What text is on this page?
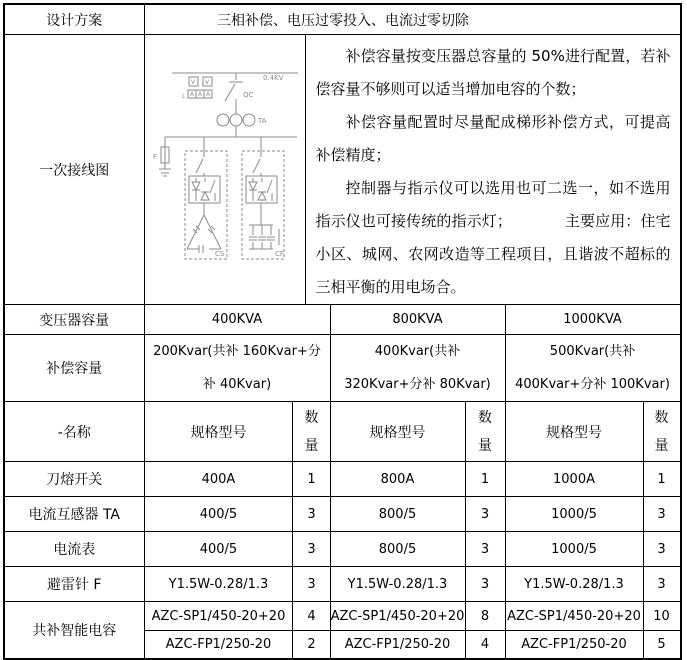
设计方案	三相补偿、电压过零投入、电流过零切除						
一次接线图	
0.4KV
QC
TA
F
CS	CF
L
V V
A A A

补偿容量按变压器总容量的 50%进行配置，若补偿容量不够则可以适当增加电容的个数；

补偿容量配置时尽量配成梯形补偿方式，可提高补偿精度；

控制器与指示仪可以选用也可二选一，如不选用指示仪也可接传统的指示灯；　　　　主要应用：住宅小区、城网、农网改造等工程项目，且谐波不超标的三相平衡的用电场合。

变压器容量	400KVA			800KVA		1000KVA	
补偿容量	200Kvar(共补 160Kvar+分补 40Kvar)			400Kvar(共补 320Kvar+分补 80Kvar)		500Kvar(共补 400Kvar+分补 100Kvar)	
-名称	规格型号	数量		规格型号	数量	规格型号	数量
刀熔开关	400A	1		800A	1	1000A	1
电流互感器 TA	400/5	3		800/5	3	1000/5	3
电流表	400/5	3		800/5	3	1000/5	3
避雷针 F	Y1.5W-0.28/1.3	3		Y1.5W-0.28/1.3	3	Y1.5W-0.28/1.3	3
共补智能电容	AZC-SP1/450-20+20	4		AZC-SP1/450-20+20	8	AZC-SP1/450-20+20	10
	AZC-FP1/250-20	2		AZC-FP1/250-20	4	AZC-FP1/250-20	5
